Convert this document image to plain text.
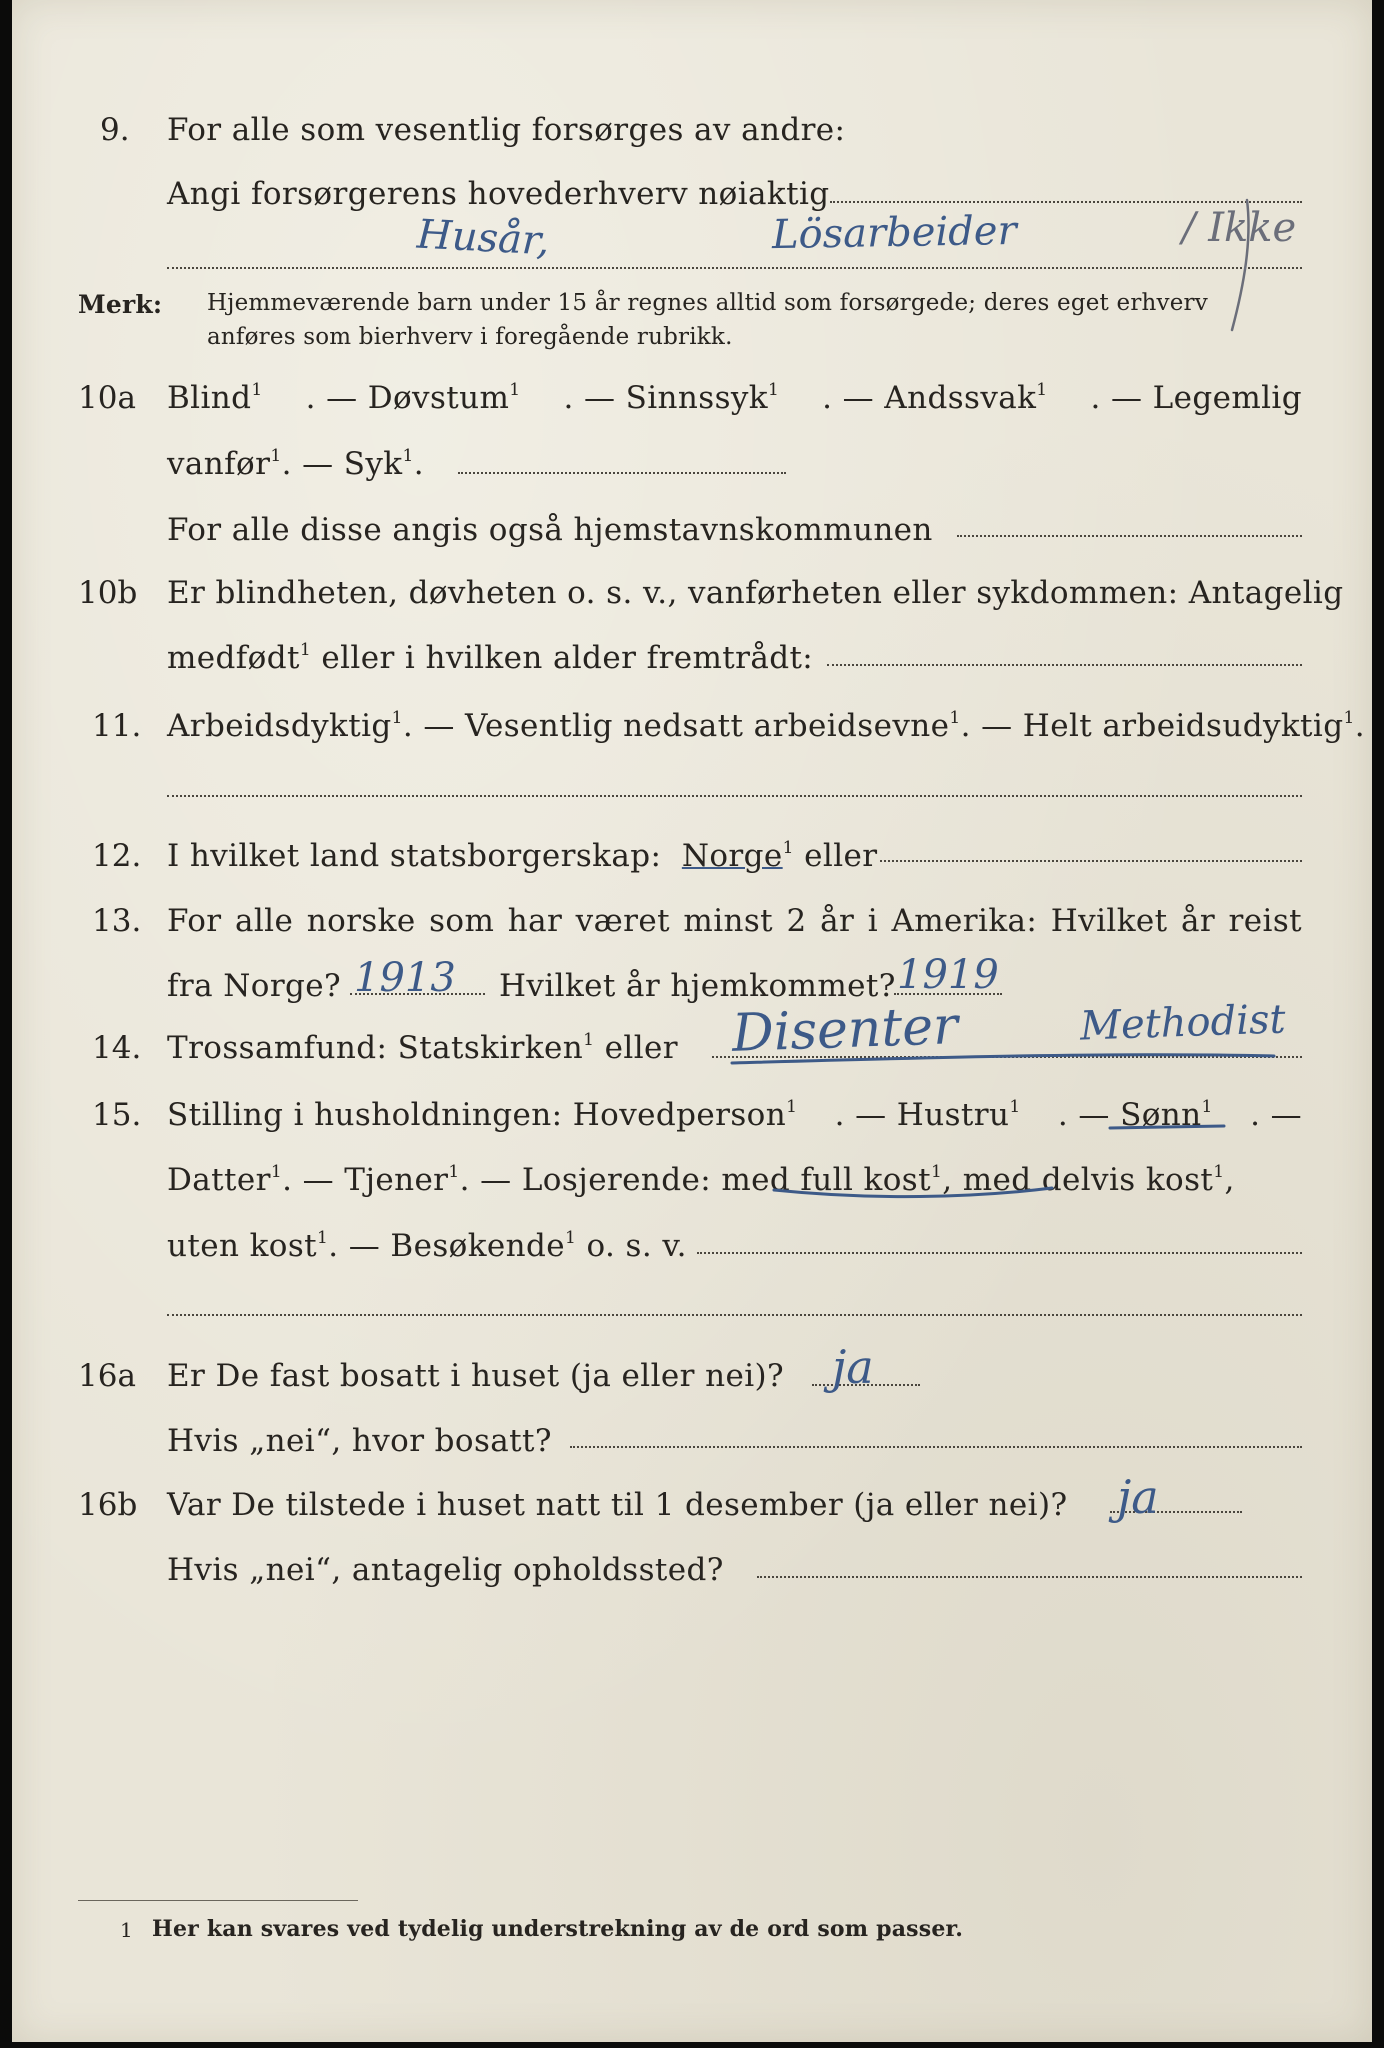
9. For alle som vesentlig forsørges av andre:
Angi forsørgerens hovederhverv nøiaktig
Husår,	Lösarbeider	/ Ikke
Merk: Hjemmeværende barn under 15 år regnes alltid som forsørgede; deres eget erhverv
anføres som bierhverv i foregående rubrikk.
10a Blind$^1$ . — Døvstum$^1$ . — Sinnssyk$^1$ . — Andssvak$^1$ . — Legemlig
vanfør$^1$. — Syk$^1$.
For alle disse angis også hjemstavnskommunen
10b Er blindheten, døvheten o. s. v., vanførheten eller sykdommen: Antagelig
medfødt$^1$ eller i hvilken alder fremtrådt:
11. Arbeidsdyktig$^1$. — Vesentlig nedsatt arbeidsevne$^1$. — Helt arbeidsudyktig$^1$.
12. I hvilket land statsborgerskap: Norge$^1$ eller
13. For alle norske som har været minst 2 år i Amerika: Hvilket år reist
fra Norge? 1913 Hvilket år hjemkommet? 1919
14. Trossamfund: Statskirken$^1$ eller Disenter	Methodist
15. Stilling i husholdningen: Hovedperson$^1$ . — Hustru$^1$ . — Sønn$^1$ . —
Datter$^1$. — Tjener$^1$. — Losjerende: med full kost$^1$, med delvis kost$^1$,
uten kost$^1$. — Besøkende$^1$ o. s. v.
16a Er De fast bosatt i huset (ja eller nei)? ja
Hvis „nei“, hvor bosatt?
16b Var De tilstede i huset natt til 1 desember (ja eller nei)? ja
Hvis „nei“, antagelig opholdssted?
1 Her kan svares ved tydelig understrekning av de ord som passer.
